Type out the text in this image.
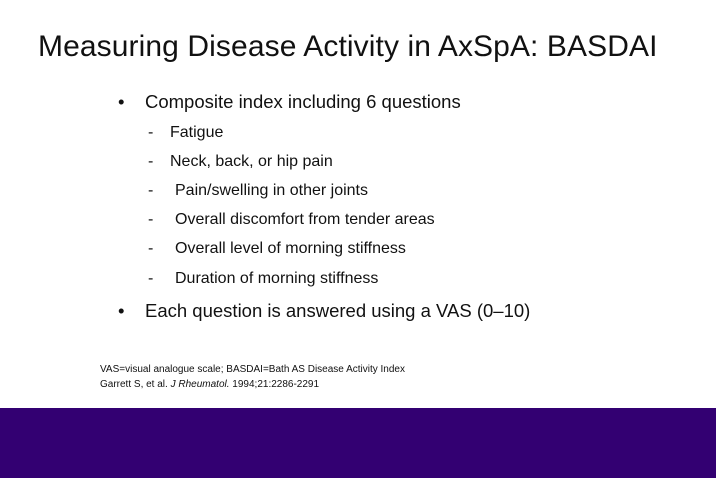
Measuring Disease Activity in AxSpA: BASDAI
•	Composite index including 6 questions
- Fatigue
- Neck, back, or hip pain
- Pain/swelling in other joints
- Overall discomfort from tender areas
- Overall level of morning stiffness
- Duration of morning stiffness
•	Each question is answered using a VAS (0–10)
VAS=visual analogue scale; BASDAI=Bath AS Disease Activity Index
Garrett S, et al. J Rheumatol. 1994;21:2286-2291
